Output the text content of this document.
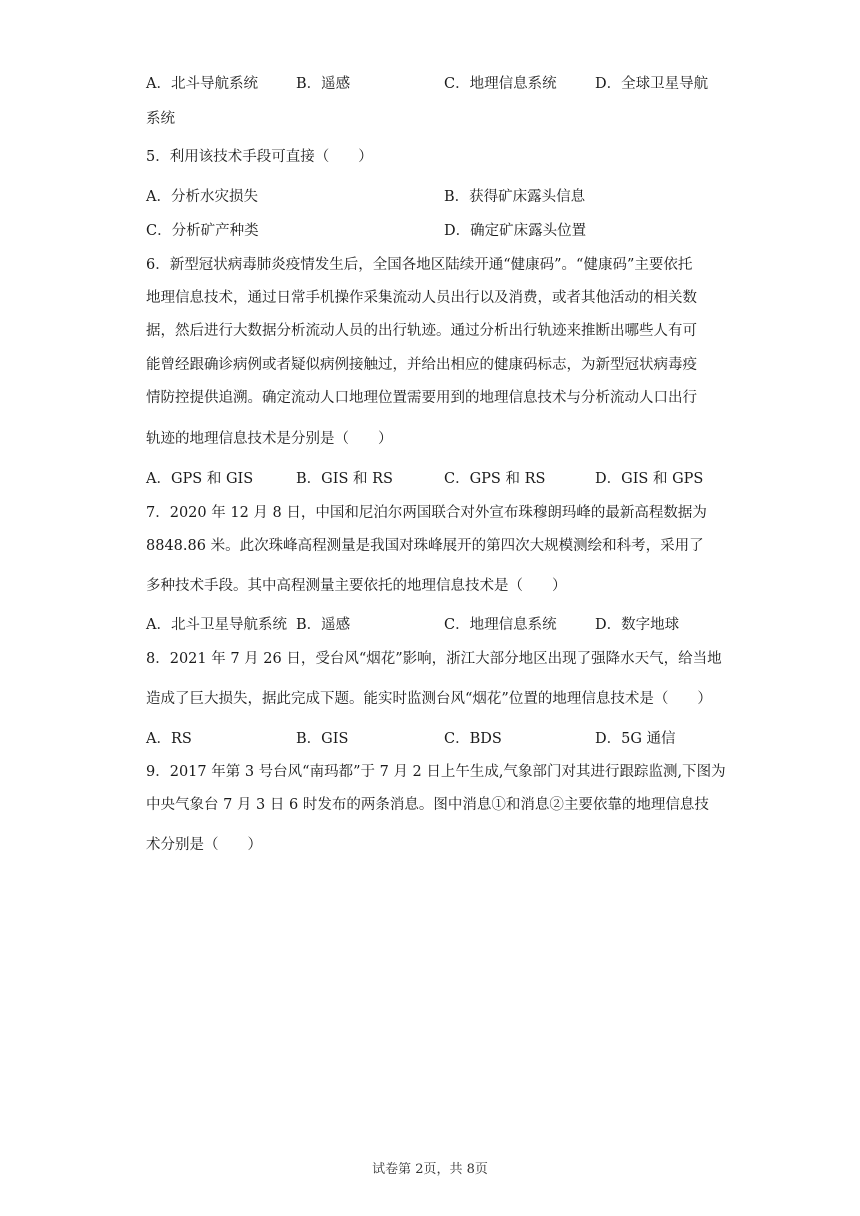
A．北斗导航系统	B．遥感	C．地理信息系统	D．全球卫星导航
系统
5．利用该技术手段可直接（　　）
A．分析水灾损失	B．获得矿床露头信息
C．分析矿产种类	D．确定矿床露头位置
6．新型冠状病毒肺炎疫情发生后，全国各地区陆续开通“健康码”。“健康码”主要依托
地理信息技术，通过日常手机操作采集流动人员出行以及消费，或者其他活动的相关数
据，然后进行大数据分析流动人员的出行轨迹。通过分析出行轨迹来推断出哪些人有可
能曾经跟确诊病例或者疑似病例接触过，并给出相应的健康码标志，为新型冠状病毒疫
情防控提供追溯。确定流动人口地理位置需要用到的地理信息技术与分析流动人口出行
轨迹的地理信息技术是分别是（　　）
A．GPS 和 GIS	B．GIS 和 RS	C．GPS 和 RS	D．GIS 和 GPS
7．2020 年 12 月 8 日，中国和尼泊尔两国联合对外宣布珠穆朗玛峰的最新高程数据为
8848.86 米。此次珠峰高程测量是我国对珠峰展开的第四次大规模测绘和科考，采用了
多种技术手段。其中高程测量主要依托的地理信息技术是（　　）
A．北斗卫星导航系统 B．遥感	C．地理信息系统	D．数字地球
8．2021 年 7 月 26 日，受台风“烟花”影响，浙江大部分地区出现了强降水天气，给当地
造成了巨大损失，据此完成下题。能实时监测台风“烟花”位置的地理信息技术是（　　）
A．RS	B．GIS	C．BDS	D．5G 通信
9．2017 年第 3 号台风“南玛都”于 7 月 2 日上午生成,气象部门对其进行跟踪监测,下图为
中央气象台 7 月 3 日 6 时发布的两条消息。图中消息①和消息②主要依靠的地理信息技
术分别是（　　）
试卷第 2页，共 8页
